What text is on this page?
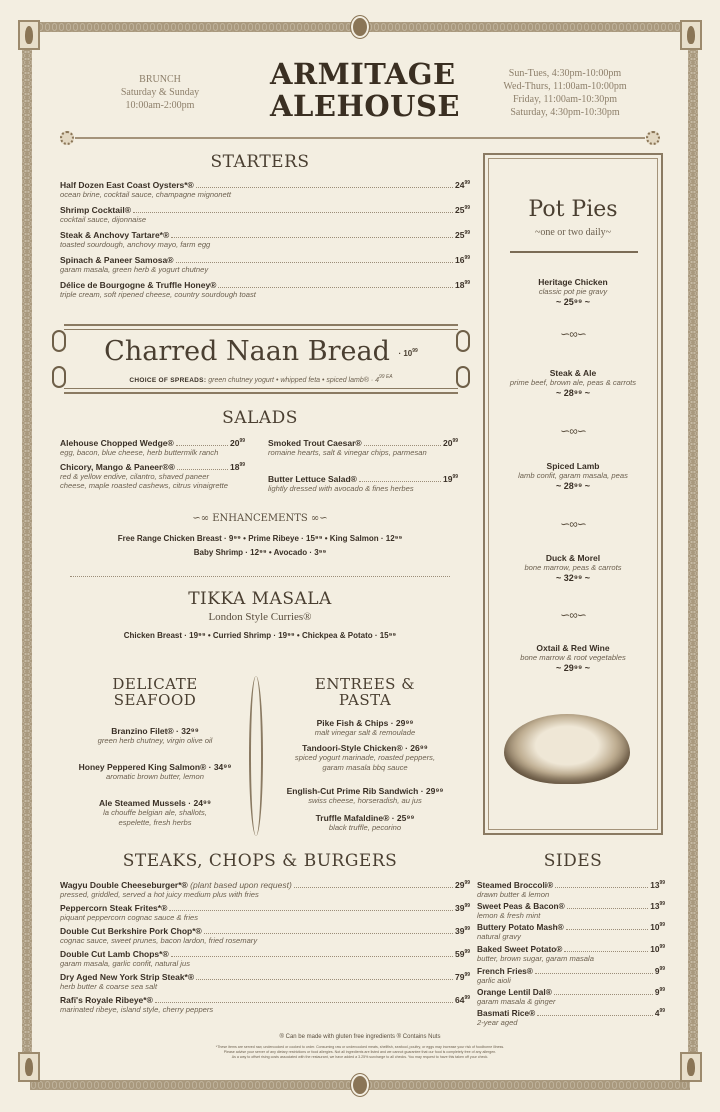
BRUNCH
Saturday & Sunday
10:00am-2:00pm
ARMITAGE
ALEHOUSE
Sun-Tues, 4:30pm-10:00pm
Wed-Thurs, 11:00am-10:00pm
Friday, 11:00am-10:30pm
Saturday, 4:30pm-10:30pm
STARTERS
Half Dozen East Coast Oysters*®	$24^{99}$
ocean brine, cocktail sauce, champagne mignonett
Shrimp Cocktail®	$25^{99}$
cocktail sauce, dijonnaise
Steak & Anchovy Tartare*®	$25^{99}$
toasted sourdough, anchovy mayo, farm egg
Spinach & Paneer Samosa®	$16^{99}$
garam masala, green herb & yogurt chutney
Délice de Bourgogne & Truffle Honey®	$18^{99}$
triple cream, soft ripened cheese, country sourdough toast
Charred Naan Bread · $10^{99}$
CHOICE OF SPREADS: green chutney yogurt • whipped feta • spiced lamb® · $4^{99 EA}$
SALADS
Alehouse Chopped Wedge®	$20^{99}$
egg, bacon, blue cheese, herb buttermilk ranch
Chicory, Mango & Paneer®®	$18^{99}$
red & yellow endive, cilantro, shaved paneer
cheese, maple roasted cashews, citrus vinaigrette
Smoked Trout Caesar®	$20^{99}$
romaine hearts, salt & vinegar chips, parmesan
Butter Lettuce Salad®	$19^{99}$
lightly dressed with avocado & fines herbes
∽∞ ENHANCEMENTS ∞∽
Free Range Chicken Breast · 9⁹⁹ • Prime Ribeye · 15⁹⁹ • King Salmon · 12⁹⁹
Baby Shrimp · 12⁹⁹ • Avocado · 3⁹⁹
TIKKA MASALA
London Style Curries®
Chicken Breast · 19⁹⁹ • Curried Shrimp · 19⁹⁹ • Chickpea & Potato · 15⁹⁹
DELICATE
SEAFOOD
Branzino Filet® · 32⁹⁹
green herb chutney, virgin olive oil
Honey Peppered King Salmon® · 34⁹⁹
aromatic brown butter, lemon
Ale Steamed Mussels · 24⁹⁹
la chouffe belgian ale, shallots,
espelette, fresh herbs
ENTREES &
PASTA
Pike Fish & Chips · 29⁹⁹
malt vinegar salt & remoulade
Tandoori-Style Chicken® · 26⁹⁹
spiced yogurt marinade, roasted peppers,
garam masala bbq sauce
English-Cut Prime Rib Sandwich · 29⁹⁹
swiss cheese, horseradish, au jus
Truffle Mafaldine® · 25⁹⁹
black truffle, pecorino
STEAKS, CHOPS & BURGERS
Wagyu Double Cheeseburger*® (plant based upon request)	$29^{99}$
pressed, griddled, served a hot juicy medium plus with fries
Peppercorn Steak Frites*®	$39^{99}$
piquant peppercorn cognac sauce & fries
Double Cut Berkshire Pork Chop*®	$39^{99}$
cognac sauce, sweet prunes, bacon lardon, fried rosemary
Double Cut Lamb Chops*®	$59^{99}$
garam masala, garlic confit, natural jus
Dry Aged New York Strip Steak*®	$79^{99}$
herb butter & coarse sea salt
Rafi's Royale Ribeye*®	$64^{99}$
marinated ribeye, island style, cherry peppers
Pot Pies
~one or two daily~
Heritage Chicken
classic pot pie gravy
~ 25⁹⁹ ~
∽∞∽
Steak & Ale
prime beef, brown ale, peas & carrots
~ 28⁹⁹ ~
∽∞∽
Spiced Lamb
lamb confit, garam masala, peas
~ 28⁹⁹ ~
∽∞∽
Duck & Morel
bone marrow, peas & carrots
~ 32⁹⁹ ~
∽∞∽
Oxtail & Red Wine
bone marrow & root vegetables
~ 29⁹⁹ ~
SIDES
Steamed Broccoli®	$13^{99}$
drawn butter & lemon
Sweet Peas & Bacon®	$13^{99}$
lemon & fresh mint
Buttery Potato Mash®	$10^{99}$
natural gravy
Baked Sweet Potato®	$10^{99}$
butter, brown sugar, garam masala
French Fries®	$9^{99}$
garlic aioli
Orange Lentil Dal®	$9^{99}$
garam masala & ginger
Basmati Rice®	$4^{99}$
2-year aged
® Can be made with gluten free ingredients ® Contains Nuts
*These items are served raw, undercooked or cooked to order. Consuming raw or undercooked meats, shellfish, seafood, poultry, or eggs may increase your risk of foodborne illness.
Please advise your server of any dietary restrictions or food allergies. Not all ingredients are listed and we cannot guarantee that our food is completely free of any allergen.
As a way to offset rising costs associated with the restaurant, we have added a 3.25% surcharge to all checks. You may request to have this taken off your check.
